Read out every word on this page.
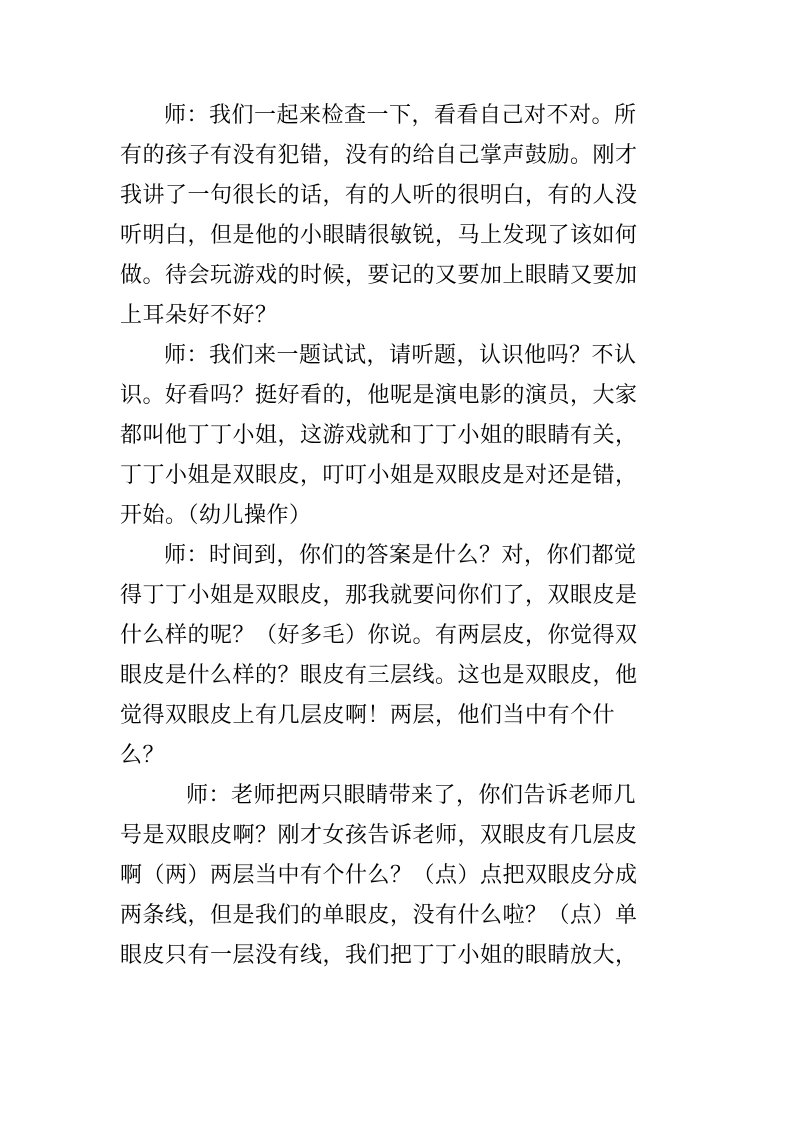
师：我们一起来检查一下，看看自己对不对。所
有的孩子有没有犯错，没有的给自己掌声鼓励。刚才
我讲了一句很长的话，有的人听的很明白，有的人没
听明白，但是他的小眼睛很敏锐，马上发现了该如何
做。待会玩游戏的时候，要记的又要加上眼睛又要加
上耳朵好不好？
师：我们来一题试试，请听题，认识他吗？不认
识。好看吗？挺好看的，他呢是演电影的演员，大家
都叫他丁丁小姐，这游戏就和丁丁小姐的眼睛有关，
丁丁小姐是双眼皮，叮叮小姐是双眼皮是对还是错，
开始。（幼儿操作）
师：时间到，你们的答案是什么？对，你们都觉
得丁丁小姐是双眼皮，那我就要问你们了，双眼皮是
什么样的呢？（好多毛）你说。有两层皮，你觉得双
眼皮是什么样的？眼皮有三层线。这也是双眼皮，他
觉得双眼皮上有几层皮啊！两层，他们当中有个什
么？
师：老师把两只眼睛带来了，你们告诉老师几
号是双眼皮啊？刚才女孩告诉老师，双眼皮有几层皮
啊（两）两层当中有个什么？（点）点把双眼皮分成
两条线，但是我们的单眼皮，没有什么啦？（点）单
眼皮只有一层没有线，我们把丁丁小姐的眼睛放大，
